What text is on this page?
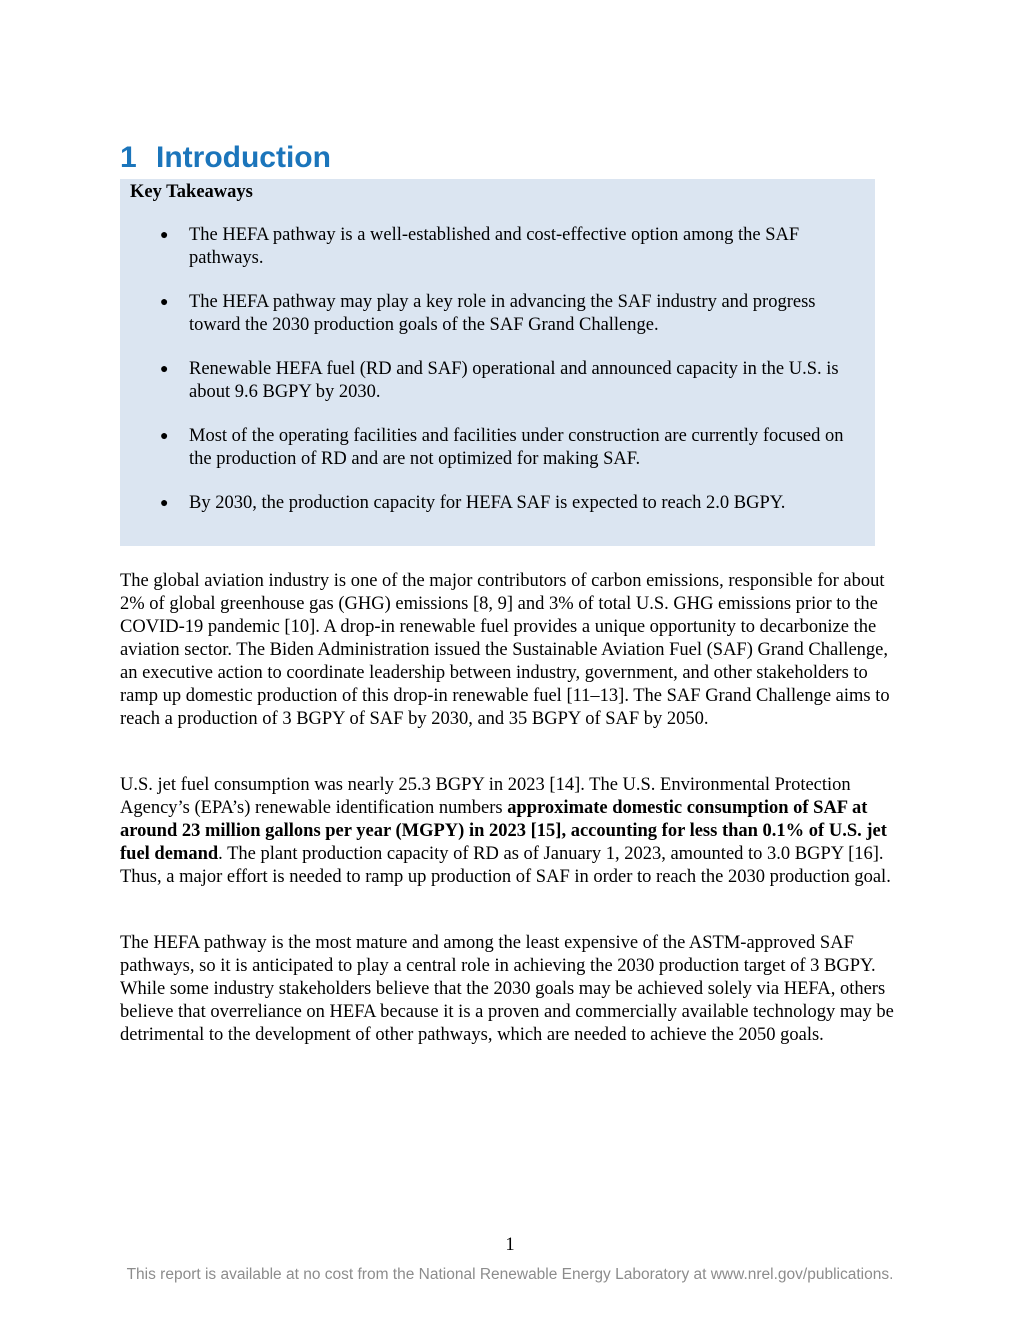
1 Introduction
Key Takeaways
● The HEFA pathway is a well-established and cost-effective option among the SAF pathways.
● The HEFA pathway may play a key role in advancing the SAF industry and progress toward the 2030 production goals of the SAF Grand Challenge.
● Renewable HEFA fuel (RD and SAF) operational and announced capacity in the U.S. is about 9.6 BGPY by 2030.
● Most of the operating facilities and facilities under construction are currently focused on the production of RD and are not optimized for making SAF.
● By 2030, the production capacity for HEFA SAF is expected to reach 2.0 BGPY.

The global aviation industry is one of the major contributors of carbon emissions, responsible for about 2% of global greenhouse gas (GHG) emissions [8, 9] and 3% of total U.S. GHG emissions prior to the COVID-19 pandemic [10]. A drop-in renewable fuel provides a unique opportunity to decarbonize the aviation sector. The Biden Administration issued the Sustainable Aviation Fuel (SAF) Grand Challenge, an executive action to coordinate leadership between industry, government, and other stakeholders to ramp up domestic production of this drop-in renewable fuel [11–13]. The SAF Grand Challenge aims to reach a production of 3 BGPY of SAF by 2030, and 35 BGPY of SAF by 2050.

U.S. jet fuel consumption was nearly 25.3 BGPY in 2023 [14]. The U.S. Environmental Protection Agency’s (EPA’s) renewable identification numbers approximate domestic consumption of SAF at around 23 million gallons per year (MGPY) in 2023 [15], accounting for less than 0.1% of U.S. jet fuel demand. The plant production capacity of RD as of January 1, 2023, amounted to 3.0 BGPY [16]. Thus, a major effort is needed to ramp up production of SAF in order to reach the 2030 production goal.

The HEFA pathway is the most mature and among the least expensive of the ASTM-approved SAF pathways, so it is anticipated to play a central role in achieving the 2030 production target of 3 BGPY. While some industry stakeholders believe that the 2030 goals may be achieved solely via HEFA, others believe that overreliance on HEFA because it is a proven and commercially available technology may be detrimental to the development of other pathways, which are needed to achieve the 2050 goals.

1
This report is available at no cost from the National Renewable Energy Laboratory at www.nrel.gov/publications.
